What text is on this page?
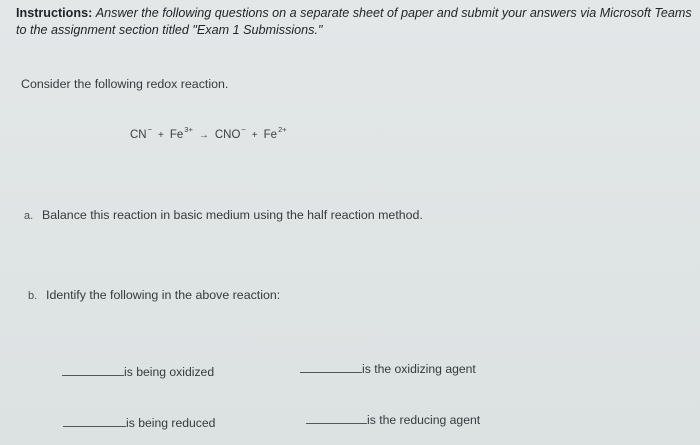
Instructions: Answer the following questions on a separate sheet of paper and submit your answers via Microsoft Teams to the assignment section titled "Exam 1 Submissions."
Consider the following redox reaction.
CN−
+ $Fe^{3+}$
→ CNO−
+ $Fe^{2+}$
a. Balance this reaction in basic medium using the half reaction method.
b. Identify the following in the above reaction:
is being oxidized	is the oxidizing agent
is being reduced	is the reducing agent
